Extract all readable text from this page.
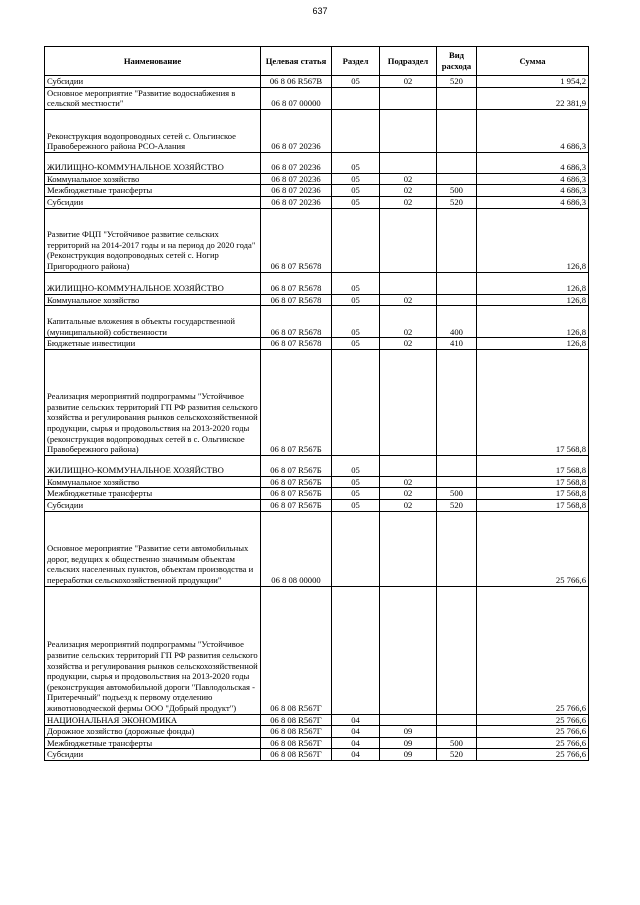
637
Наименование	Целевая статья	Раздел	Подраздел	Вид расхода	Сумма
Субсидии	06 8 06 R567B	05	02	520	1 954,2
Основное мероприятие "Развитие водоснабжения в сельской местности"	06 8 07 00000				22 381,9
Реконструкция водопроводных сетей с. Ольгинское Правобережного района РСО-Алания	06 8 07 20236				4 686,3
ЖИЛИЩНО-КОММУНАЛЬНОЕ ХОЗЯЙСТВО	06 8 07 20236	05			4 686,3
Коммунальное хозяйство	06 8 07 20236	05	02		4 686,3
Межбюджетные трансферты	06 8 07 20236	05	02	500	4 686,3
Субсидии	06 8 07 20236	05	02	520	4 686,3
Развитие ФЦП "Устойчивое развитие сельских территорий на 2014-2017 годы и на период до 2020 года" (Реконструкция водопроводных сетей с. Ногир Пригородного района)	06 8 07 R5678				126,8
ЖИЛИЩНО-КОММУНАЛЬНОЕ ХОЗЯЙСТВО	06 8 07 R5678	05			126,8
Коммунальное хозяйство	06 8 07 R5678	05	02		126,8
Капитальные вложения в объекты государственной (муниципальной) собственности	06 8 07 R5678	05	02	400	126,8
Бюджетные инвестиции	06 8 07 R5678	05	02	410	126,8
Реализация мероприятий подпрограммы "Устойчивое развитие сельских территорий ГП РФ развития сельского хозяйства и регулирования рынков сельскохозяйственной продукции, сырья и продовольствия на 2013-2020 годы (реконструкция водопроводных сетей в с. Ольгинское Правобережного района)	06 8 07 R567Б				17 568,8
ЖИЛИЩНО-КОММУНАЛЬНОЕ ХОЗЯЙСТВО	06 8 07 R567Б	05			17 568,8
Коммунальное хозяйство	06 8 07 R567Б	05	02		17 568,8
Межбюджетные трансферты	06 8 07 R567Б	05	02	500	17 568,8
Субсидии	06 8 07 R567Б	05	02	520	17 568,8
Основное мероприятие "Развитие сети автомобильных дорог, ведущих к общественно значимым объектам сельских населенных пунктов, объектам производства и переработки сельскохозяйственной продукции"	06 8 08 00000				25 766,6
Реализация мероприятий подпрограммы "Устойчивое развитие сельских территорий ГП РФ развития сельского хозяйства и регулирования рынков сельскохозяйственной продукции, сырья и продовольствия на 2013-2020 годы (реконструкция автомобильной дороги "Павлодольская - Притеречный" подъезд к первому отделению животноводческой фермы ООО "Добрый продукт")	06 8 08 R567Г				25 766,6
НАЦИОНАЛЬНАЯ ЭКОНОМИКА	06 8 08 R567Г	04			25 766,6
Дорожное хозяйство (дорожные фонды)	06 8 08 R567Г	04	09		25 766,6
Межбюджетные трансферты	06 8 08 R567Г	04	09	500	25 766,6
Субсидии	06 8 08 R567Г	04	09	520	25 766,6
